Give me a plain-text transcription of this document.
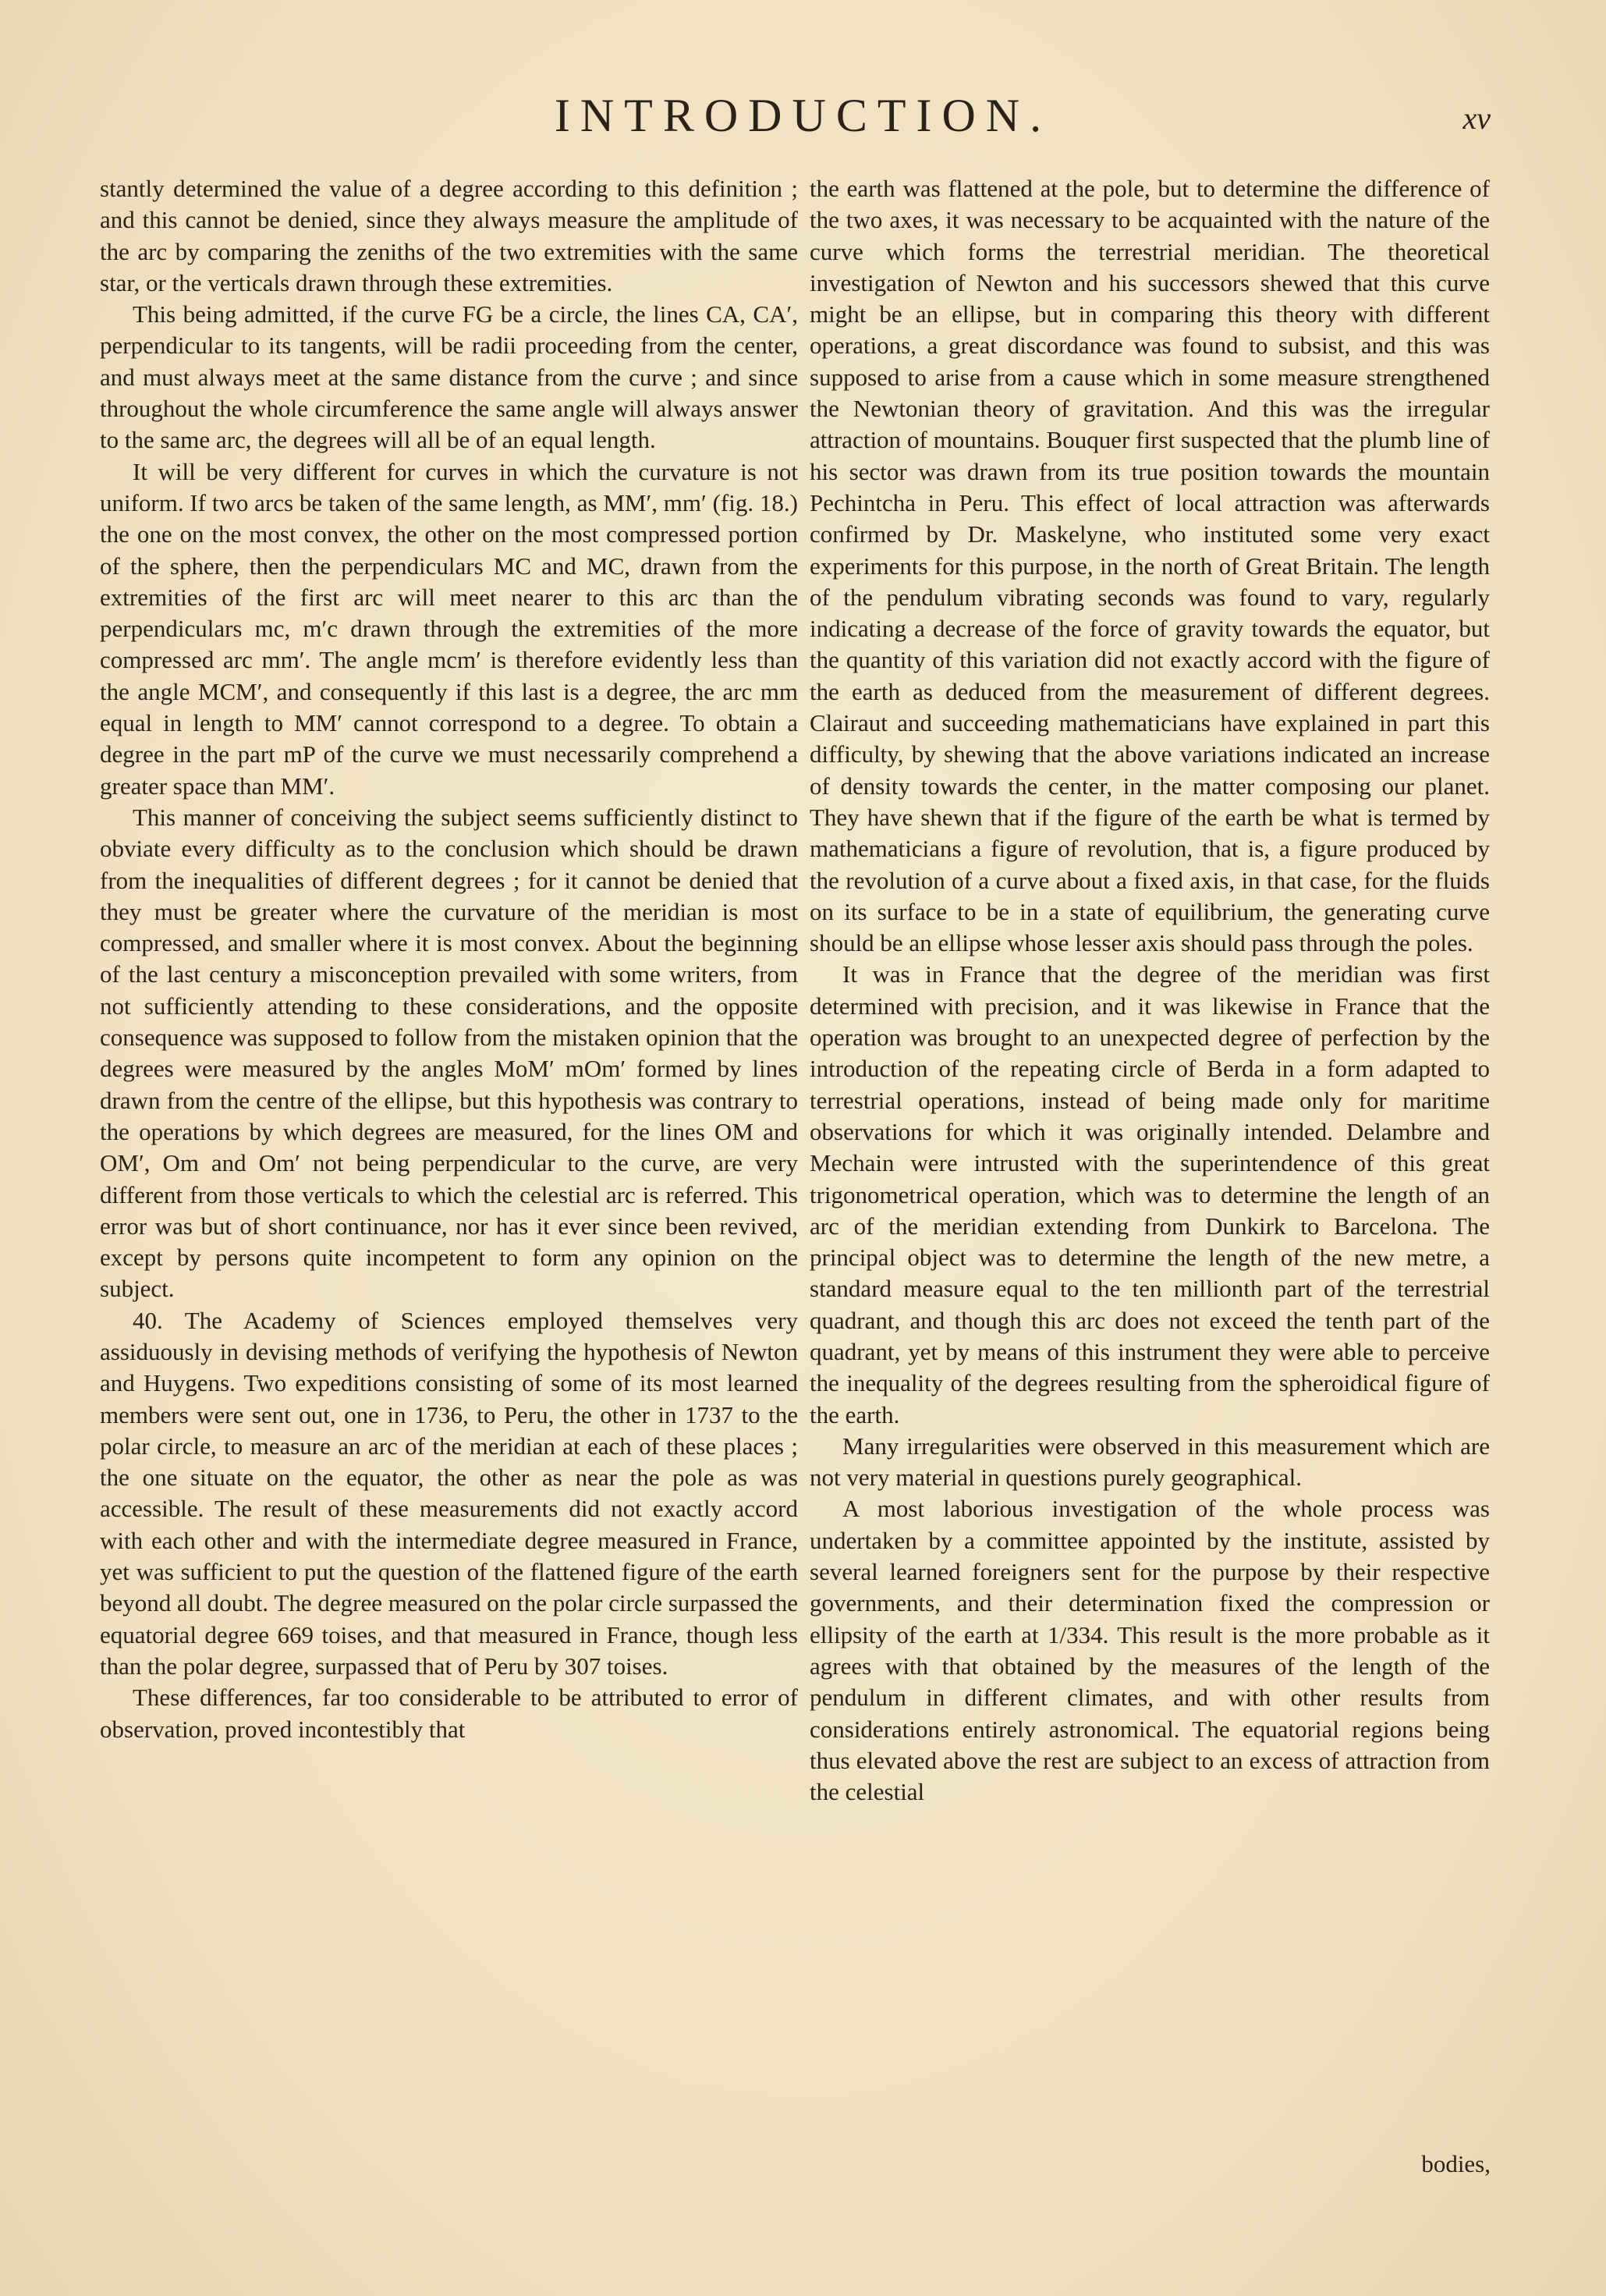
INTRODUCTION.	xv

stantly determined the value of a degree according to this definition ; and this cannot be denied, since they always measure the amplitude of the arc by comparing the zeniths of the two extremities with the same star, or the verticals drawn through these extremities.

This being admitted, if the curve FG be a circle, the lines CA, CA′, perpendicular to its tangents, will be radii proceeding from the center, and must always meet at the same distance from the curve ; and since throughout the whole circumference the same angle will always answer to the same arc, the degrees will all be of an equal length.

It will be very different for curves in which the curvature is not uniform. If two arcs be taken of the same length, as MM′, mm′ (fig. 18.) the one on the most convex, the other on the most compressed portion of the sphere, then the perpendiculars MC and MC, drawn from the extremities of the first arc will meet nearer to this arc than the perpendiculars mc, m′c drawn through the extremities of the more compressed arc mm′. The angle mcm′ is therefore evidently less than the angle MCM′, and consequently if this last is a degree, the arc mm equal in length to MM′ cannot correspond to a degree. To obtain a degree in the part mP of the curve we must necessarily comprehend a greater space than MM′.

This manner of conceiving the subject seems sufficiently distinct to obviate every difficulty as to the conclusion which should be drawn from the inequalities of different degrees ; for it cannot be denied that they must be greater where the curvature of the meridian is most compressed, and smaller where it is most convex. About the beginning of the last century a misconception prevailed with some writers, from not sufficiently attending to these considerations, and the opposite consequence was supposed to follow from the mistaken opinion that the degrees were measured by the angles MoM′ mOm′ formed by lines drawn from the centre of the ellipse, but this hypothesis was contrary to the operations by which degrees are measured, for the lines OM and OM′, Om and Om′ not being perpendicular to the curve, are very different from those verticals to which the celestial arc is referred. This error was but of short continuance, nor has it ever since been revived, except by persons quite incompetent to form any opinion on the subject.

40. The Academy of Sciences employed themselves very assiduously in devising methods of verifying the hypothesis of Newton and Huygens. Two expeditions consisting of some of its most learned members were sent out, one in 1736, to Peru, the other in 1737 to the polar circle, to measure an arc of the meridian at each of these places ; the one situate on the equator, the other as near the pole as was accessible. The result of these measurements did not exactly accord with each other and with the intermediate degree measured in France, yet was sufficient to put the question of the flattened figure of the earth beyond all doubt. The degree measured on the polar circle surpassed the equatorial degree 669 toises, and that measured in France, though less than the polar degree, surpassed that of Peru by 307 toises.

These differences, far too considerable to be attributed to error of observation, proved incontestibly that

the earth was flattened at the pole, but to determine the difference of the two axes, it was necessary to be acquainted with the nature of the curve which forms the terrestrial meridian. The theoretical investigation of Newton and his successors shewed that this curve might be an ellipse, but in comparing this theory with different operations, a great discordance was found to subsist, and this was supposed to arise from a cause which in some measure strengthened the Newtonian theory of gravitation. And this was the irregular attraction of mountains. Bouquer first suspected that the plumb line of his sector was drawn from its true position towards the mountain Pechintcha in Peru. This effect of local attraction was afterwards confirmed by Dr. Maskelyne, who instituted some very exact experiments for this purpose, in the north of Great Britain. The length of the pendulum vibrating seconds was found to vary, regularly indicating a decrease of the force of gravity towards the equator, but the quantity of this variation did not exactly accord with the figure of the earth as deduced from the measurement of different degrees. Clairaut and succeeding mathematicians have explained in part this difficulty, by shewing that the above variations indicated an increase of density towards the center, in the matter composing our planet. They have shewn that if the figure of the earth be what is termed by mathematicians a figure of revolution, that is, a figure produced by the revolution of a curve about a fixed axis, in that case, for the fluids on its surface to be in a state of equilibrium, the generating curve should be an ellipse whose lesser axis should pass through the poles.

It was in France that the degree of the meridian was first determined with precision, and it was likewise in France that the operation was brought to an unexpected degree of perfection by the introduction of the repeating circle of Berda in a form adapted to terrestrial operations, instead of being made only for maritime observations for which it was originally intended. Delambre and Mechain were intrusted with the superintendence of this great trigonometrical operation, which was to determine the length of an arc of the meridian extending from Dunkirk to Barcelona. The principal object was to determine the length of the new metre, a standard measure equal to the ten millionth part of the terrestrial quadrant, and though this arc does not exceed the tenth part of the quadrant, yet by means of this instrument they were able to perceive the inequality of the degrees resulting from the spheroidical figure of the earth.

Many irregularities were observed in this measurement which are not very material in questions purely geographical.

A most laborious investigation of the whole process was undertaken by a committee appointed by the institute, assisted by several learned foreigners sent for the purpose by their respective governments, and their determination fixed the compression or ellipsity of the earth at 1/334. This result is the more probable as it agrees with that obtained by the measures of the length of the pendulum in different climates, and with other results from considerations entirely astronomical. The equatorial regions being thus elevated above the rest are subject to an excess of attraction from the celestial

bodies,
